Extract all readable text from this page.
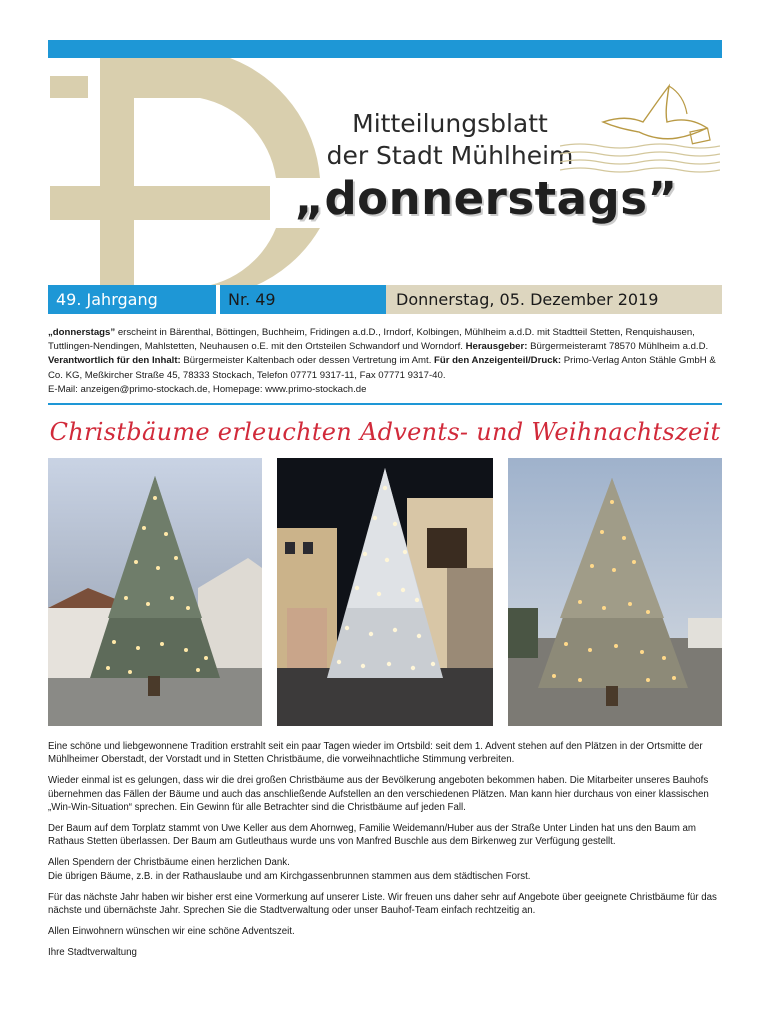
Mitteilungsblatt
der Stadt Mühlheim
„donnerstags”
49. Jahrgang	Nr. 49	Donnerstag, 05. Dezember 2019
„donnerstags” erscheint in Bärenthal, Böttingen, Buchheim, Fridingen a.d.D., Irndorf, Kolbingen, Mühlheim a.d.D. mit Stadtteil Stetten, Renquishausen, Tuttlingen-Nendingen, Mahlstetten, Neuhausen o.E. mit den Ortsteilen Schwandorf und Worndorf. Herausgeber: Bürgermeisteramt 78570 Mühlheim a.d.D. Verantwortlich für den Inhalt: Bürgermeister Kaltenbach oder dessen Vertretung im Amt. Für den Anzeigenteil/Druck: Primo-Verlag Anton Stähle GmbH & Co. KG, Meßkircher Straße 45, 78333 Stockach, Telefon 07771 9317-11, Fax 07771 9317-40.
E-Mail: anzeigen@primo-stockach.de, Homepage: www.primo-stockach.de
Christbäume erleuchten Advents- und Weihnachtszeit

Eine schöne und liebgewonnene Tradition erstrahlt seit ein paar Tagen wieder im Ortsbild: seit dem 1. Advent stehen auf den Plätzen in der Ortsmitte der Mühlheimer Oberstadt, der Vorstadt und in Stetten Christbäume, die vorweihnachtliche Stimmung verbreiten.

Wieder einmal ist es gelungen, dass wir die drei großen Christbäume aus der Bevölkerung angeboten bekommen haben. Die Mitarbeiter unseres Bauhofs übernehmen das Fällen der Bäume und auch das anschließende Aufstellen an den verschiedenen Plätzen. Man kann hier durchaus von einer klassischen „Win-Win-Situation“ sprechen. Ein Gewinn für alle Betrachter sind die Christbäume auf jeden Fall.

Der Baum auf dem Torplatz stammt von Uwe Keller aus dem Ahornweg, Familie Weidemann/Huber aus der Straße Unter Linden hat uns den Baum am Rathaus Stetten überlassen. Der Baum am Gutleuthaus wurde uns von Manfred Buschle aus dem Birkenweg zur Verfügung gestellt.

Allen Spendern der Christbäume einen herzlichen Dank.

Die übrigen Bäume, z.B. in der Rathauslaube und am Kirchgassenbrunnen stammen aus dem städtischen Forst.

Für das nächste Jahr haben wir bisher erst eine Vormerkung auf unserer Liste. Wir freuen uns daher sehr auf Angebote über geeignete Christbäume für das nächste und übernächste Jahr. Sprechen Sie die Stadtverwaltung oder unser Bauhof-Team einfach rechtzeitig an.

Allen Einwohnern wünschen wir eine schöne Adventszeit.

Ihre Stadtverwaltung
